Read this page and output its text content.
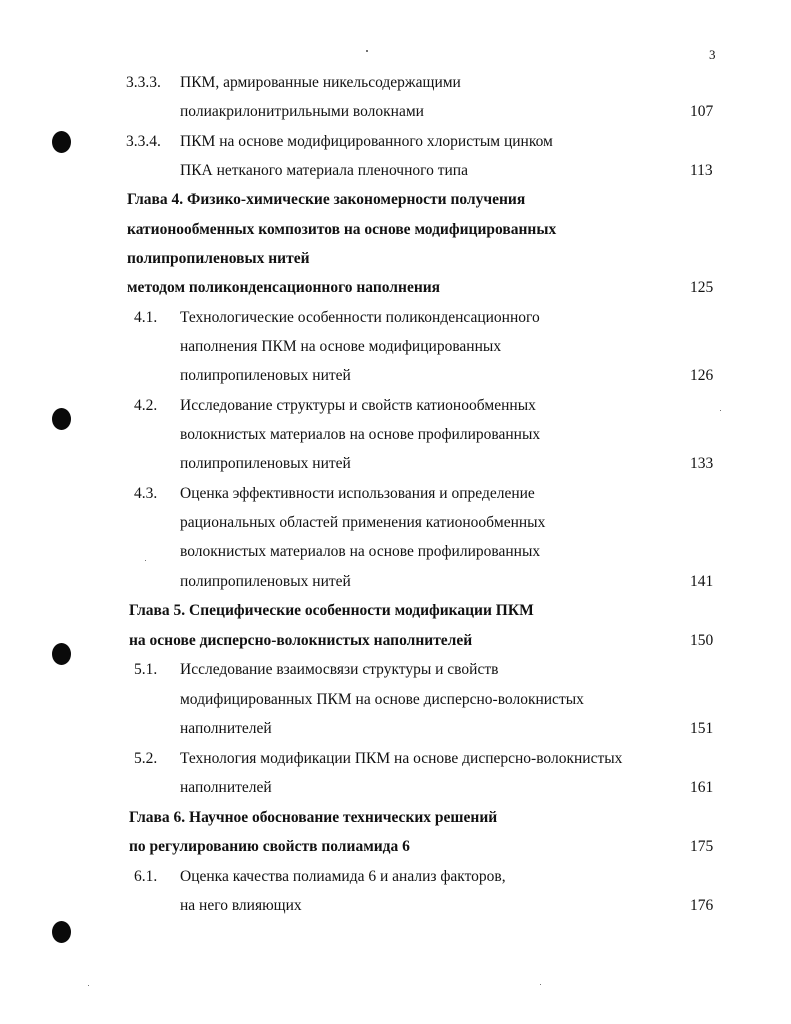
3
3.3.3. ПКМ, армированные никельсодержащими
полиакрилонитрильными волокнами	107
3.3.4. ПКМ на основе модифицированного хлористым цинком
ПКА нетканого материала пленочного типа	113
Глава 4. Физико-химические закономерности получения
катионообменных композитов на основе модифицированных
полипропиленовых нитей
методом поликонденсационного наполнения	125
4.1. Технологические особенности поликонденсационного
наполнения ПКМ на основе модифицированных
полипропиленовых нитей	126
4.2. Исследование структуры и свойств катионообменных
волокнистых материалов на основе профилированных
полипропиленовых нитей	133
4.3. Оценка эффективности использования и определение
рациональных областей применения катионообменных
волокнистых материалов на основе профилированных
полипропиленовых нитей	141
Глава 5. Специфические особенности модификации ПКМ
на основе дисперсно-волокнистых наполнителей	150
5.1. Исследование взаимосвязи структуры и свойств
модифицированных ПКМ на основе дисперсно-волокнистых
наполнителей	151
5.2. Технология модификации ПКМ на основе дисперсно-волокнистых
наполнителей	161
Глава 6. Научное обоснование технических решений
по регулированию свойств полиамида 6	175
6.1. Оценка качества полиамида 6 и анализ факторов,
на него влияющих	176
